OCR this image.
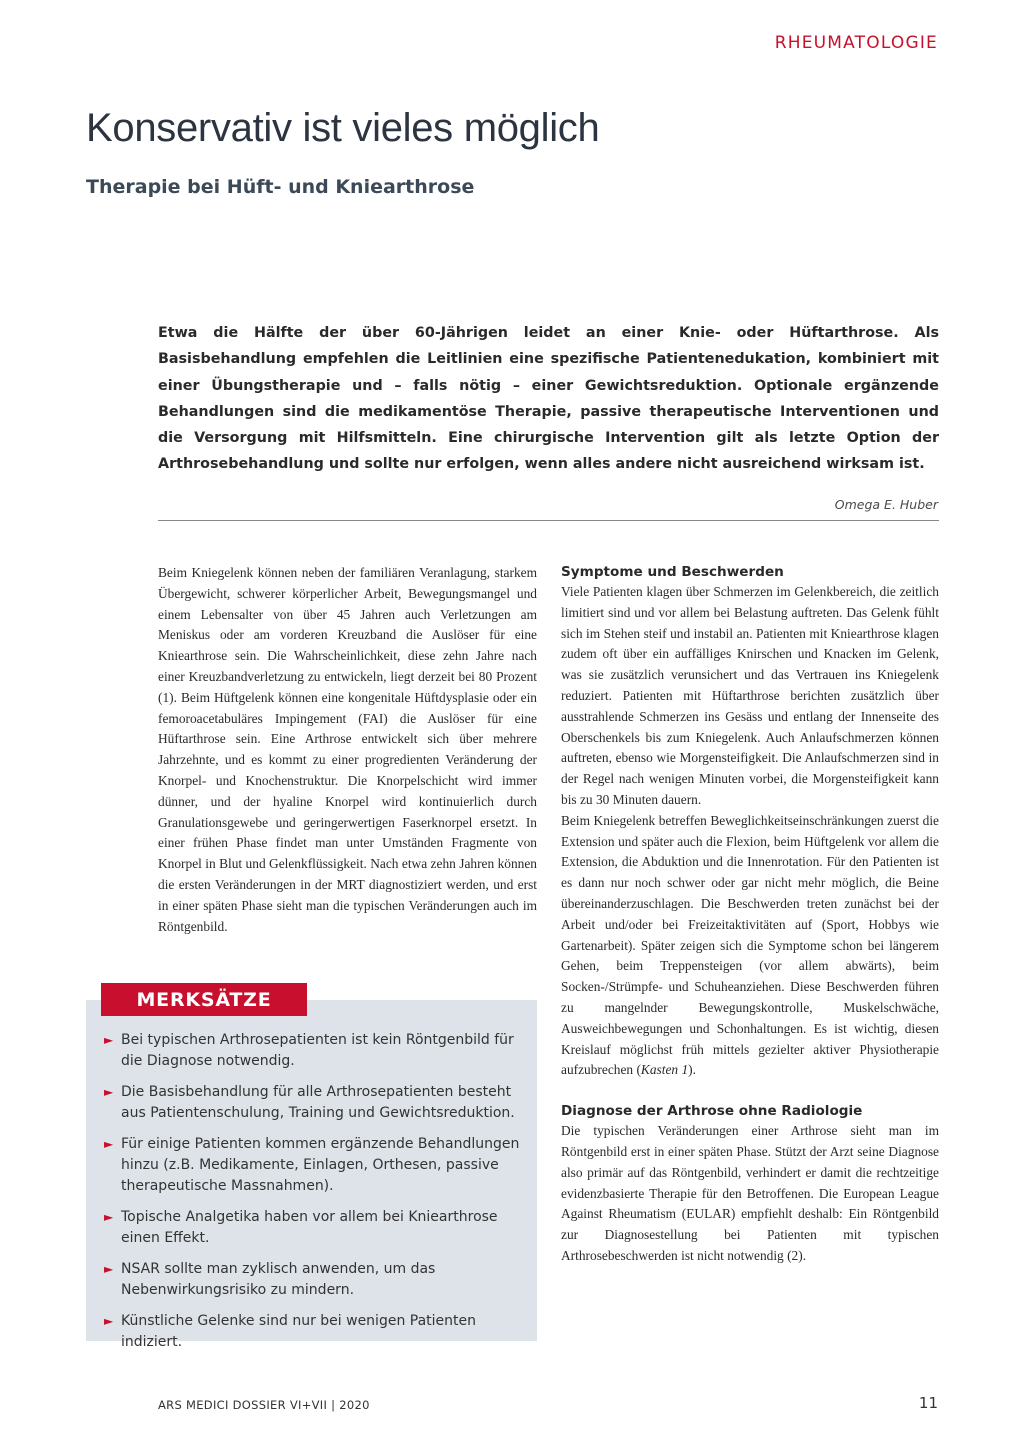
RHEUMATOLOGIE
Konservativ ist vieles möglich
Therapie bei Hüft- und Kniearthrose

Etwa die Hälfte der über 60-Jährigen leidet an einer Knie- oder Hüftarthrose. Als Basisbehandlung empfehlen die Leitlinien eine spezifische Patientenedukation, kombiniert mit einer Übungstherapie und – falls nötig – einer Gewichtsreduktion. Optionale ergänzende Behandlungen sind die medikamentöse Therapie, passive therapeutische Interventionen und die Versorgung mit Hilfsmitteln. Eine chirurgische Intervention gilt als letzte Option der Arthrosebehandlung und sollte nur erfolgen, wenn alles andere nicht ausreichend wirksam ist.

Omega E. Huber

Beim Kniegelenk können neben der familiären Veranlagung, starkem Übergewicht, schwerer körperlicher Arbeit, Bewegungsmangel und einem Lebensalter von über 45 Jahren auch Verletzungen am Meniskus oder am vorderen Kreuzband die Auslöser für eine Kniearthrose sein. Die Wahrscheinlichkeit, diese zehn Jahre nach einer Kreuzbandverletzung zu entwickeln, liegt derzeit bei 80 Prozent (1). Beim Hüftgelenk können eine kongenitale Hüftdysplasie oder ein femoroacetabuläres Impingement (FAI) die Auslöser für eine Hüftarthrose sein. Eine Arthrose entwickelt sich über mehrere Jahrzehnte, und es kommt zu einer progredienten Veränderung der Knorpel- und Knochenstruktur. Die Knorpelschicht wird immer dünner, und der hyaline Knorpel wird kontinuierlich durch Granulationsgewebe und geringerwertigen Faserknorpel ersetzt. In einer frühen Phase findet man unter Umständen Fragmente von Knorpel in Blut und Gelenkflüssigkeit. Nach etwa zehn Jahren können die ersten Veränderungen in der MRT diagnostiziert werden, und erst in einer späten Phase sieht man die typischen Veränderungen auch im Röntgenbild.

Symptome und Beschwerden

Viele Patienten klagen über Schmerzen im Gelenkbereich, die zeitlich limitiert sind und vor allem bei Belastung auftreten. Das Gelenk fühlt sich im Stehen steif und instabil an. Patienten mit Kniearthrose klagen zudem oft über ein auffälliges Knirschen und Knacken im Gelenk, was sie zusätzlich verunsichert und das Vertrauen ins Kniegelenk reduziert. Patienten mit Hüftarthrose berichten zusätzlich über ausstrahlende Schmerzen ins Gesäss und entlang der Innenseite des Oberschenkels bis zum Kniegelenk. Auch Anlaufschmerzen können auftreten, ebenso wie Morgensteifigkeit. Die Anlaufschmerzen sind in der Regel nach wenigen Minuten vorbei, die Morgensteifigkeit kann bis zu 30 Minuten dauern.

Beim Kniegelenk betreffen Beweglichkeitseinschränkungen zuerst die Extension und später auch die Flexion, beim Hüftgelenk vor allem die Extension, die Abduktion und die Innenrotation. Für den Patienten ist es dann nur noch schwer oder gar nicht mehr möglich, die Beine übereinanderzuschlagen. Die Beschwerden treten zunächst bei der Arbeit und/oder bei Freizeitaktivitäten auf (Sport, Hobbys wie Gartenarbeit). Später zeigen sich die Symptome schon bei längerem Gehen, beim Treppensteigen (vor allem abwärts), beim Socken-/Strümpfe- und Schuheanziehen. Diese Beschwerden führen zu mangelnder Bewegungskontrolle, Muskelschwäche, Ausweichbewegungen und Schonhaltungen. Es ist wichtig, diesen Kreislauf möglichst früh mittels gezielter aktiver Physiotherapie aufzubrechen (Kasten 1).

Diagnose der Arthrose ohne Radiologie

Die typischen Veränderungen einer Arthrose sieht man im Röntgenbild erst in einer späten Phase. Stützt der Arzt seine Diagnose also primär auf das Röntgenbild, verhindert er damit die rechtzeitige evidenzbasierte Therapie für den Betroffenen. Die European League Against Rheumatism (EULAR) empfiehlt deshalb: Ein Röntgenbild zur Diagnosestellung bei Patienten mit typischen Arthrosebeschwerden ist nicht notwendig (2).

► Bei typischen Arthrosepatienten ist kein Röntgenbild für die Diagnose notwendig.
► Die Basisbehandlung für alle Arthrosepatienten besteht aus Patientenschulung, Training und Gewichtsreduktion.
► Für einige Patienten kommen ergänzende Behandlungen hinzu (z.B. Medikamente, Einlagen, Orthesen, passive therapeutische Massnahmen).
► Topische Analgetika haben vor allem bei Kniearthrose einen Effekt.
► NSAR sollte man zyklisch anwenden, um das Nebenwirkungsrisiko zu mindern.
► Künstliche Gelenke sind nur bei wenigen Patienten indiziert.
MERKSÄTZE
ARS MEDICI DOSSIER VI+VII | 2020	11
